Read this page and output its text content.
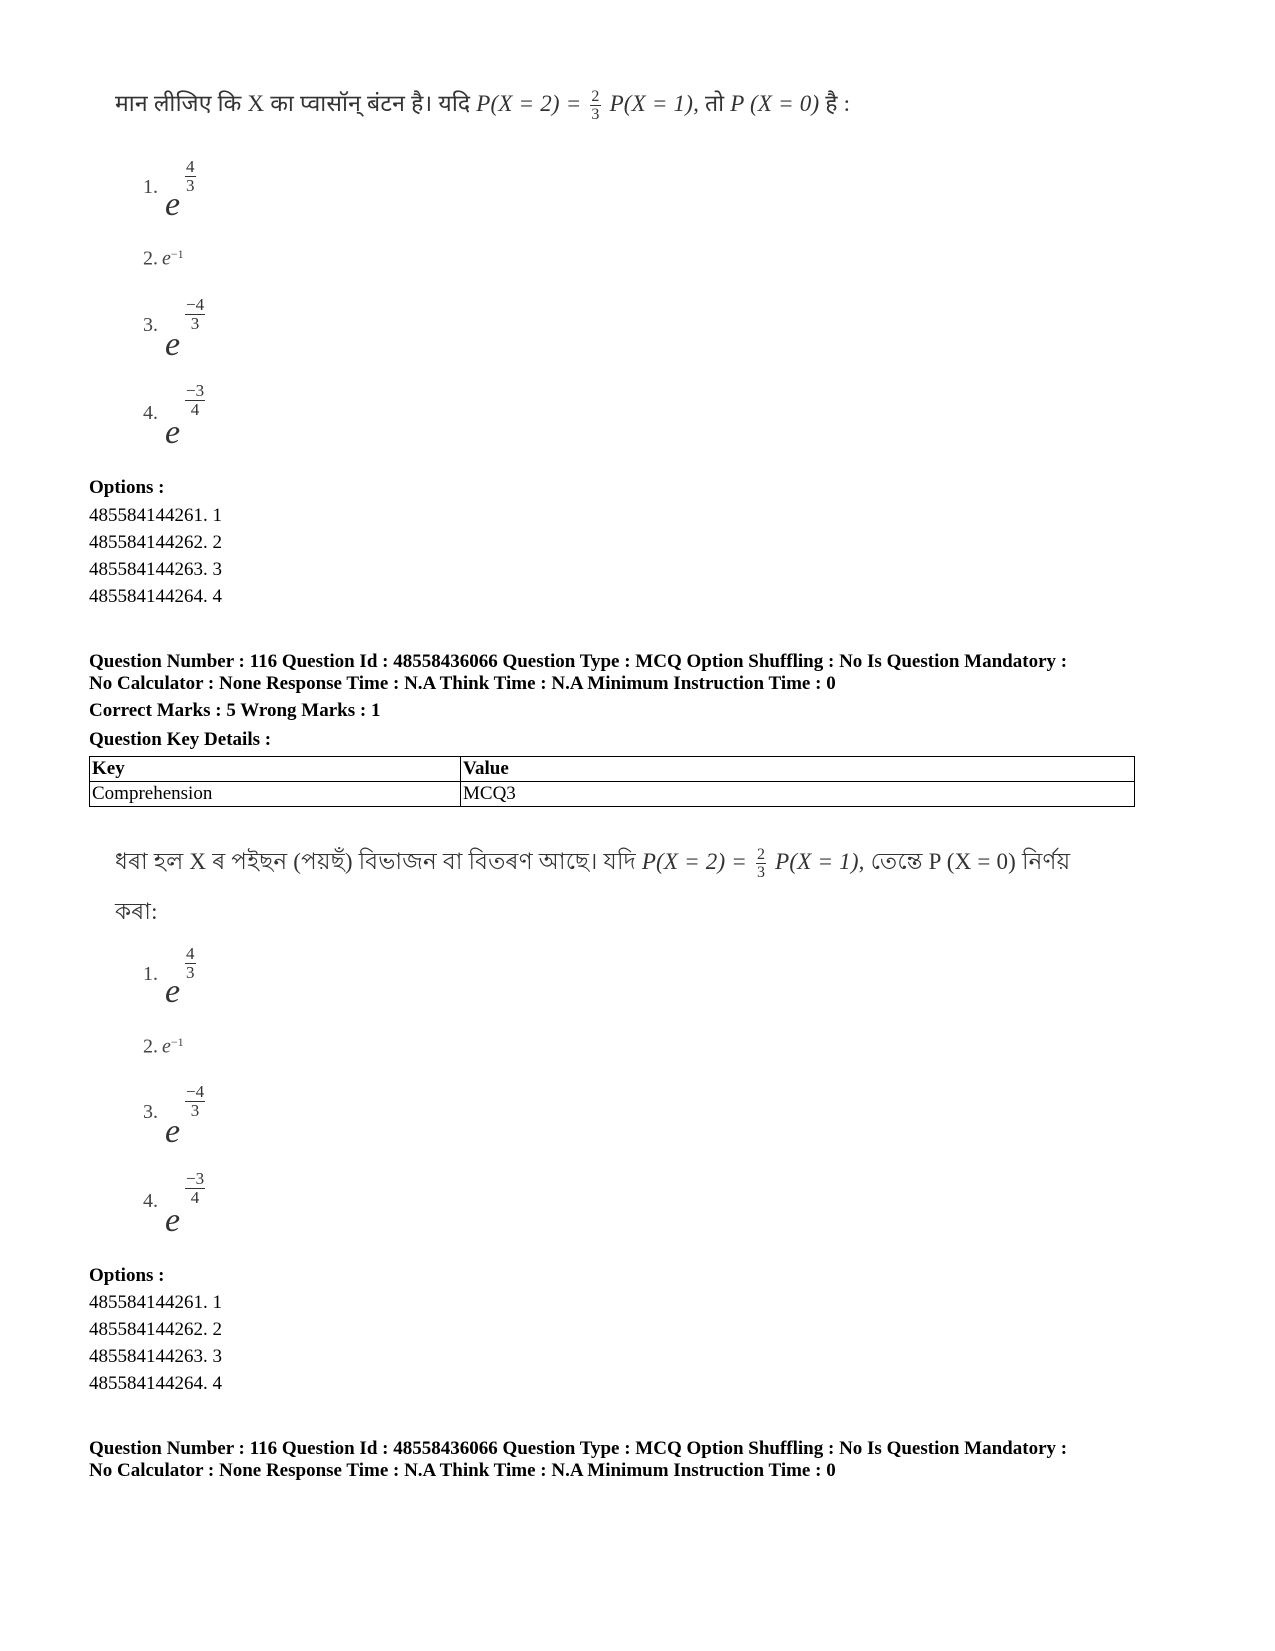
मान लीजिए कि X का प्वासॉन् बंटन है। यदि $P(X = 2) = \frac{2}{3} P(X = 1)$, तो P (X = 0) है :
1. e
4
3
2. $e^{-1}$
3.
e
−4
3
4.
e
−3
4
Options :
485584144261. 1
485584144262. 2
485584144263. 3
485584144264. 4
Question Number : 116 Question Id : 48558436066 Question Type : MCQ Option Shuffling : No Is Question Mandatory :
No Calculator : None Response Time : N.A Think Time : N.A Minimum Instruction Time : 0
Correct Marks : 5 Wrong Marks : 1
Question Key Details :
Key	Value
Comprehension	MCQ3
ধৰা হল X ৰ পইছন (পয়ছঁ) বিভাজন বা বিতৰণ আছে। যদি $P(X = 2) = \frac{2}{3} P(X = 1)$, তেন্তে P (X = 0) নিৰ্ণয়
কৰা:
1. e
4
3
2. $e^{-1}$
3.
e
−4
3
4.
e
−3
4
Options :
485584144261. 1
485584144262. 2
485584144263. 3
485584144264. 4
Question Number : 116 Question Id : 48558436066 Question Type : MCQ Option Shuffling : No Is Question Mandatory :
No Calculator : None Response Time : N.A Think Time : N.A Minimum Instruction Time : 0
